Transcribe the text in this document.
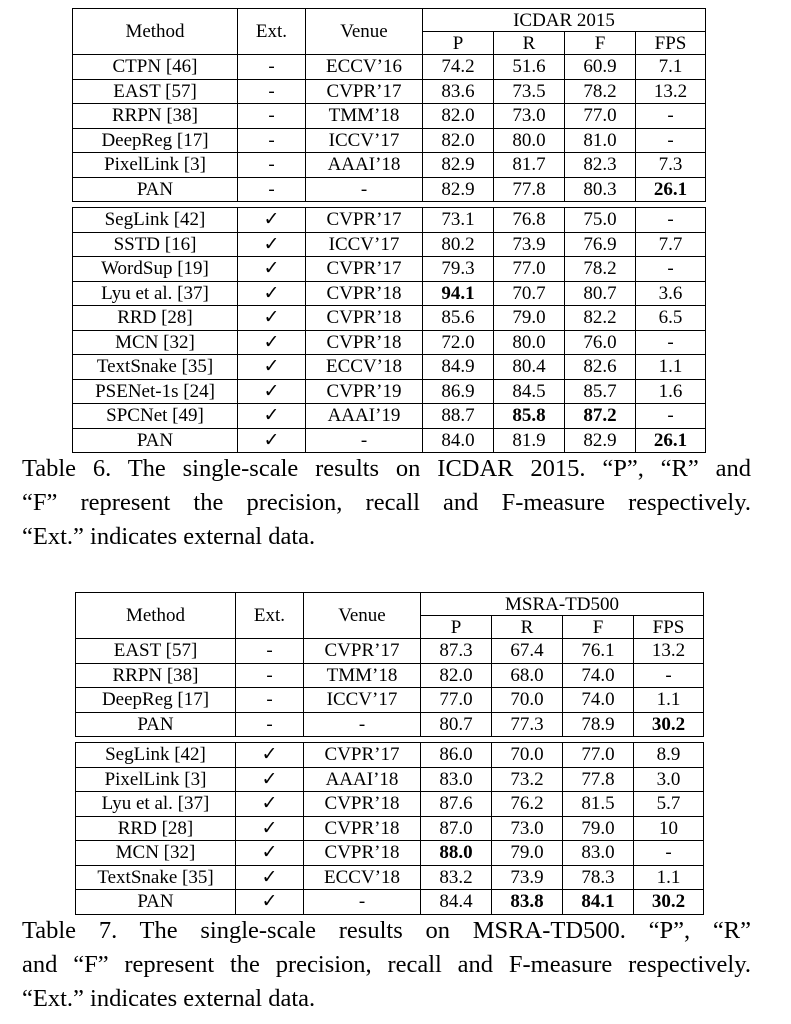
Method	Ext.	Venue	ICDAR 2015			
			P	R	F	FPS
CTPN [46]	-	ECCV’16	74.2	51.6	60.9	7.1
EAST [57]	-	CVPR’17	83.6	73.5	78.2	13.2
RRPN [38]	-	TMM’18	82.0	73.0	77.0	-
DeepReg [17]	-	ICCV’17	82.0	80.0	81.0	-
PixelLink [3]	-	AAAI’18	82.9	81.7	82.3	7.3
PAN	-	-	82.9	77.8	80.3	26.1

SegLink [42]	✓	CVPR’17	73.1	76.8	75.0	-
SSTD [16]	✓	ICCV’17	80.2	73.9	76.9	7.7
WordSup [19]	✓	CVPR’17	79.3	77.0	78.2	-
Lyu et al. [37]	✓	CVPR’18	94.1	70.7	80.7	3.6
RRD [28]	✓	CVPR’18	85.6	79.0	82.2	6.5
MCN [32]	✓	CVPR’18	72.0	80.0	76.0	-
TextSnake [35]	✓	ECCV’18	84.9	80.4	82.6	1.1
PSENet-1s [24]	✓	CVPR’19	86.9	84.5	85.7	1.6
SPCNet [49]	✓	AAAI’19	88.7	85.8	87.2	-
PAN	✓	-	84.0	81.9	82.9	26.1
Table 6. The single-scale results on ICDAR 2015. “P”, “R” and
“F” represent the precision, recall and F-measure respectively.
“Ext.” indicates external data.
Method	Ext.	Venue	MSRA-TD500			
			P	R	F	FPS
EAST [57]	-	CVPR’17	87.3	67.4	76.1	13.2
RRPN [38]	-	TMM’18	82.0	68.0	74.0	-
DeepReg [17]	-	ICCV’17	77.0	70.0	74.0	1.1
PAN	-	-	80.7	77.3	78.9	30.2

SegLink [42]	✓	CVPR’17	86.0	70.0	77.0	8.9
PixelLink [3]	✓	AAAI’18	83.0	73.2	77.8	3.0
Lyu et al. [37]	✓	CVPR’18	87.6	76.2	81.5	5.7
RRD [28]	✓	CVPR’18	87.0	73.0	79.0	10
MCN [32]	✓	CVPR’18	88.0	79.0	83.0	-
TextSnake [35]	✓	ECCV’18	83.2	73.9	78.3	1.1
PAN	✓	-	84.4	83.8	84.1	30.2
Table 7. The single-scale results on MSRA-TD500. “P”, “R”
and “F” represent the precision, recall and F-measure respectively.
“Ext.” indicates external data.
